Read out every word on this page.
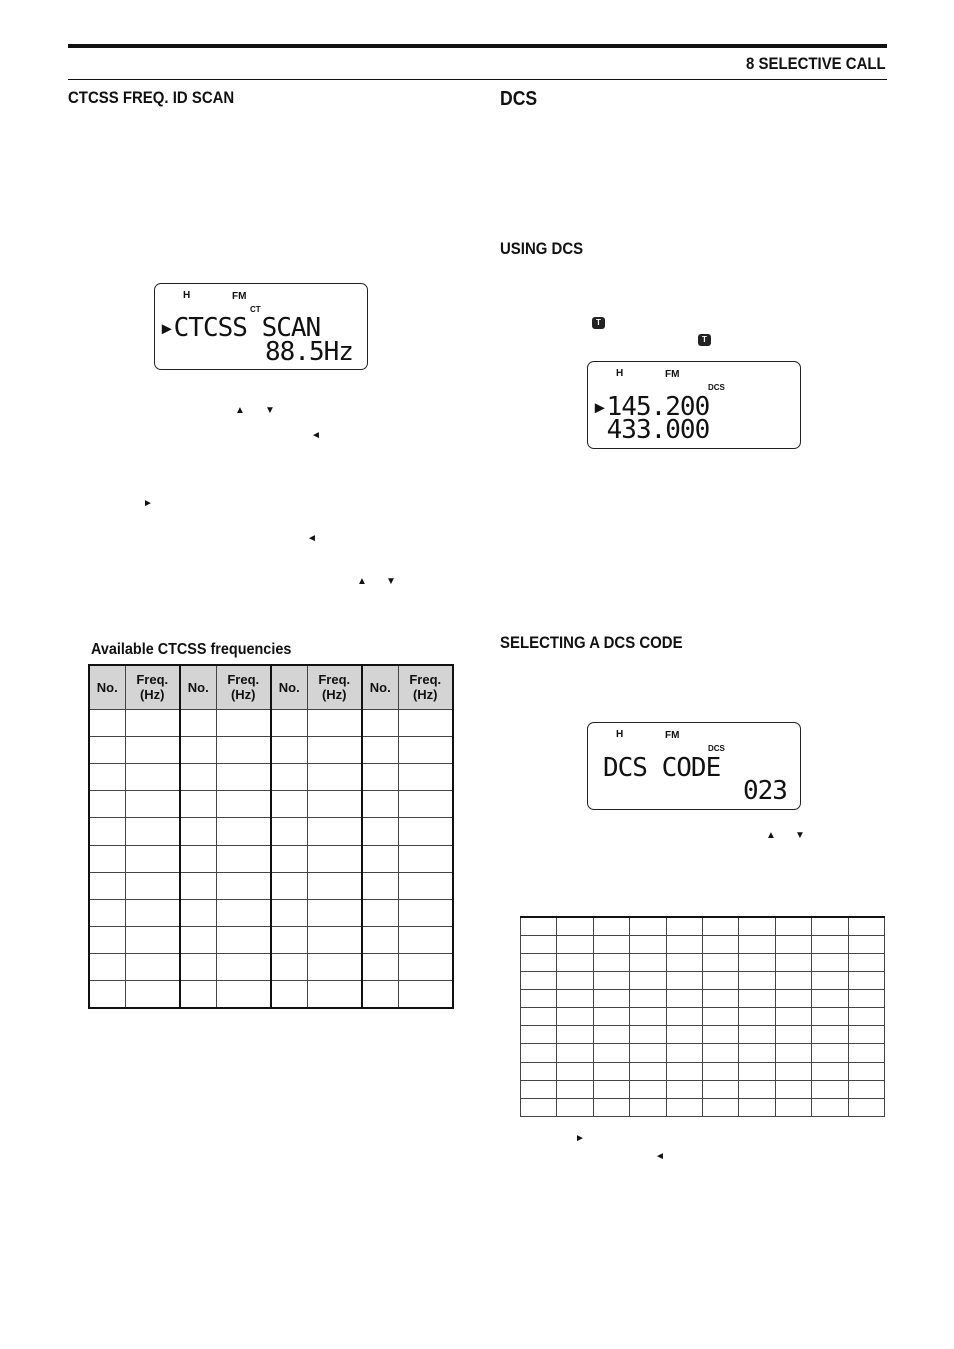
8 SELECTIVE CALL
CTCSS FREQ. ID SCAN
H	FM
CT
▸CTCSS SCAN
88.5Hz
▲ ▼
◄
►
◄
▲ ▼
Available CTCSS frequencies
No.	Freq. (Hz)	No.	Freq. (Hz)	No.	Freq. (Hz)	No.	Freq. (Hz)

DCS
USING DCS
T
T
H	FM
DCS
▸145.200
433.000
SELECTING A DCS CODE
H	FM
DCS
DCS CODE
023
▲ ▼

►
◄
